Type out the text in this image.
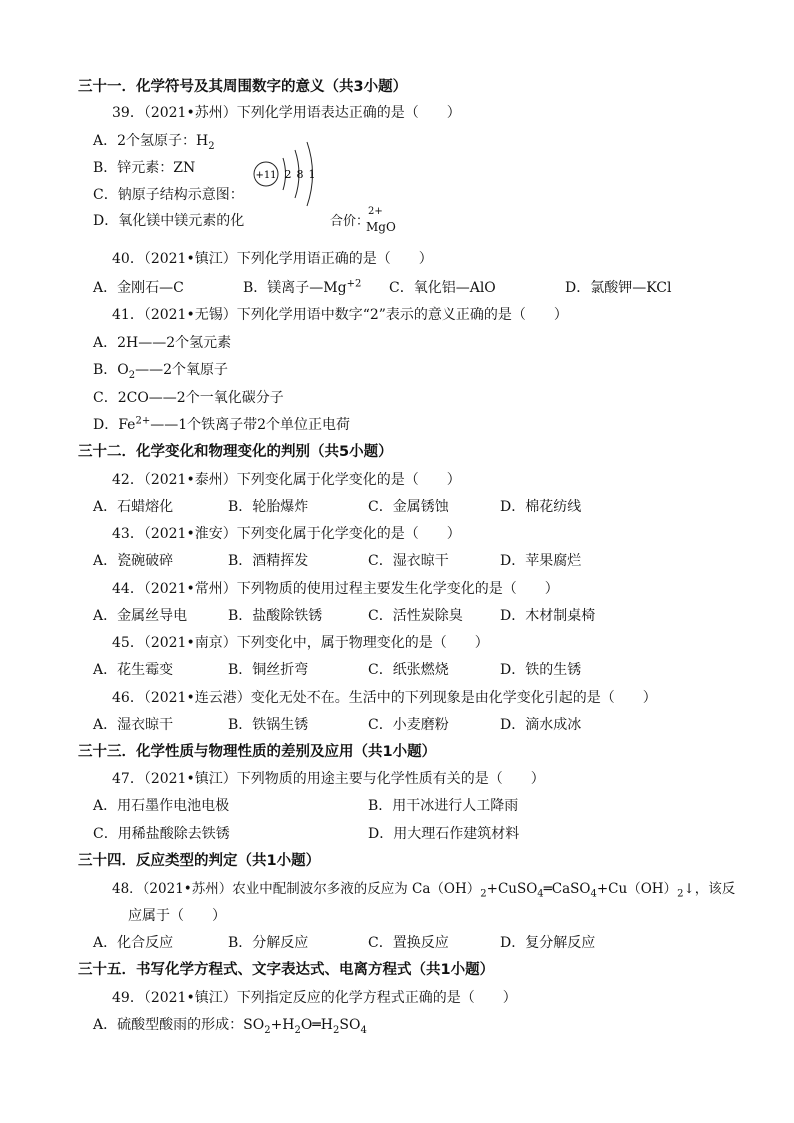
三十一．化学符号及其周围数字的意义（共3小题）
39．（2021•苏州）下列化学用语表达正确的是（　　）
A．2个氢原子：$H_2$
B．锌元素：ZN
C．钠原子结构示意图：
D．氧化镁中镁元素的化
+11 2 8 1
合价：
2+
MgO
40．（2021•镇江）下列化学用语正确的是（　　）
A．金刚石—C	B．镁离子$—Mg^{+2}$ C．氧化铝—AlO	D．氯酸钾—KCl
41．（2021•无锡）下列化学用语中数字“2”表示的意义正确的是（　　）
A．2H——2个氢元素
B．$O_2——2$个氧原子
C．2CO——2个一氧化碳分子
D．$Fe^{2+}——1$个铁离子带2个单位正电荷
三十二．化学变化和物理变化的判别（共5小题）
42．（2021•泰州）下列变化属于化学变化的是（　　）
A．石蜡熔化	B．轮胎爆炸	C．金属锈蚀	D．棉花纺线
43．（2021•淮安）下列变化属于化学变化的是（　　）
A．瓷碗破碎	B．酒精挥发	C．湿衣晾干	D．苹果腐烂
44．（2021•常州）下列物质的使用过程主要发生化学变化的是（　　）
A．金属丝导电	B．盐酸除铁锈	C．活性炭除臭	D．木材制桌椅
45．（2021•南京）下列变化中，属于物理变化的是（　　）
A．花生霉变	B．铜丝折弯	C．纸张燃烧	D．铁的生锈
46．（2021•连云港）变化无处不在。生活中的下列现象是由化学变化引起的是（　　）
A．湿衣晾干	B．铁锅生锈	C．小麦磨粉	D．滴水成冰
三十三．化学性质与物理性质的差别及应用（共1小题）
47．（2021•镇江）下列物质的用途主要与化学性质有关的是（　　）
A．用石墨作电池电极	B．用干冰进行人工降雨
C．用稀盐酸除去铁锈	D．用大理石作建筑材料
三十四．反应类型的判定（共1小题）
48．（2021•苏州）农业中配制波尔多液的反应为 $Ca(OH)_2+CuSO_4═CaSO_4+Cu(OH)_2↓$，该反
应属于（　　）
A．化合反应	B．分解反应	C．置换反应	D．复分解反应
三十五．书写化学方程式、文字表达式、电离方程式（共1小题）
49．（2021•镇江）下列指定反应的化学方程式正确的是（　　）
A．硫酸型酸雨的形成：$SO_2+H_2O═H_2SO_4$
